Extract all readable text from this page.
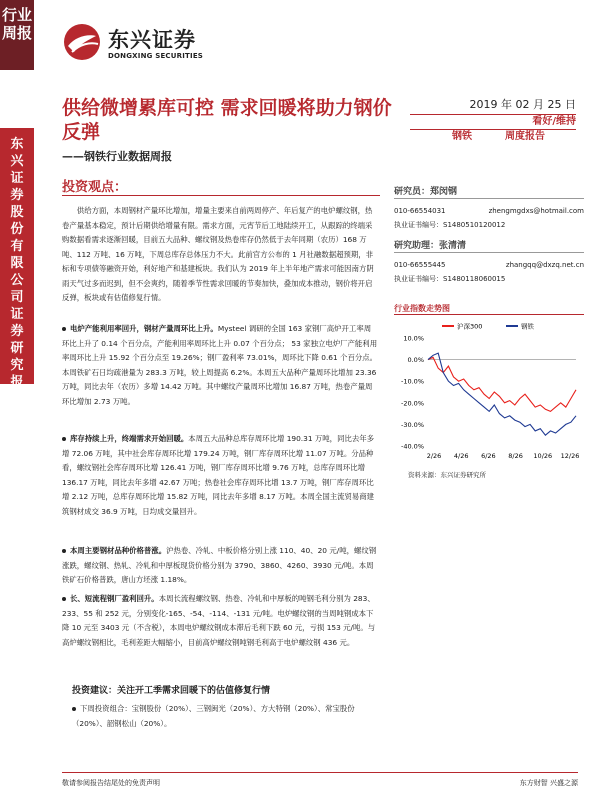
行业
周报
东
兴
证
券
股
份
有
限
公
司
证
券
研
究
报
告
东兴证券
DONGXING SECURITIES
供给微增累库可控 需求回暖将助力钢价反弹
——钢铁行业数据周报
2019 年 02 月 25 日
看好/维持
钢铁	周度报告
投资观点：

供给方面，本周钢材产量环比增加，增量主要来自前两周停产、年后复产的电炉螺纹钢，热卷产量基本稳定，预计后期供给增量有限。需求方面，元宵节后工地陆续开工，从跟踪的终端采购数据看需求逐渐回暖，目前五大品种、螺纹钢及热卷库存仍然低于去年同期（农历）168 万吨、112 万吨、16 万吨，下周总库存总体压力不大。此前官方公布的 1 月社融数据超预期，非标和专项债等融资开始，利好地产和基建板块。我们认为 2019 年上半年地产需求可能因南方阴雨天气过多而迟到，但不会爽约，随着季节性需求回暖的节奏加快，叠加成本推动，钢价将开启反弹，板块或有估值修复行情。

电炉产能利用率回升，钢材产量周环比上升。Mysteel 调研的全国 163 家钢厂高炉开工率周环比上升了 0.14 个百分点，产能利用率周环比上升 0.07 个百分点； 53 家独立电炉厂产能利用率周环比上升 15.92 个百分点至 19.26%；钢厂盈利率 73.01%，周环比下降 0.61 个百分点。本周铁矿石日均疏港量为 283.3 万吨，较上周提高 6.2%。本周五大品种产量周环比增加 23.36 万吨，同比去年（农历）多增 14.42 万吨。其中螺纹产量周环比增加 16.87 万吨，热卷产量周环比增加 2.73 万吨。
库存持续上升，终端需求开始回暖。本周五大品种总库存周环比增 190.31 万吨，同比去年多增 72.06 万吨，其中社会库存周环比增 179.24 万吨，钢厂库存周环比增 11.07 万吨。分品种看，螺纹钢社会库存周环比增 126.41 万吨，钢厂库存周环比增 9.76 万吨，总库存周环比增 136.17 万吨，同比去年多增 42.67 万吨；热卷社会库存周环比增 13.7 万吨，钢厂库存周环比增 2.12 万吨，总库存周环比增 15.82 万吨，同比去年多增 8.17 万吨。本周全国主流贸易商建筑钢材成交 36.9 万吨，日均成交量回升。
本周主要钢材品种价格普涨。沪热卷、冷轧、中板价格分别上涨 110、40、20 元/吨，螺纹钢涨跌，螺纹钢、热轧、冷轧和中厚板现货价格分别为 3790、3860、4260、3930 元/吨。本周铁矿石价格普跌，唐山方坯涨 1.18%。
长、短流程钢厂盈利回升。本周长流程螺纹钢、热卷、冷轧和中厚板的吨钢毛利分别为 283、233、55 和 252 元，分别变化-165、-54、-114、-131 元/吨。电炉螺纹钢的当周吨钢成本下降 10 元至 3403 元（不含税），本周电炉螺纹钢成本滞后毛利下跌 60 元，亏损 153 元/吨。与高炉螺纹钢相比，毛利差距大幅缩小，目前高炉螺纹钢吨钢毛利高于电炉螺纹钢 436 元。
投资建议：关注开工季需求回暖下的估值修复行情
下周投资组合：宝钢股份（20%）、三钢闽光（20%）、方大特钢（20%）、常宝股份（20%）、韶钢松山（20%）。
研究员：郑闵钢
010-66554031	zhengmgdxs@hotmail.com
执业证书编号： S1480510120012
研究助理：张清清
010-66555445	zhangqq@dxzq.net.cn
执业证书编号： S1480118060015
行业指数走势图
10.0%
0.0%
-10.0%
-20.0%
-30.0%
-40.0%
2/26 4/26 6/26 8/26 10/26 12/26
沪深300	钢铁
资料来源：东兴证券研究所
敬请参阅报告结尾处的免责声明	东方财智 兴盛之源
